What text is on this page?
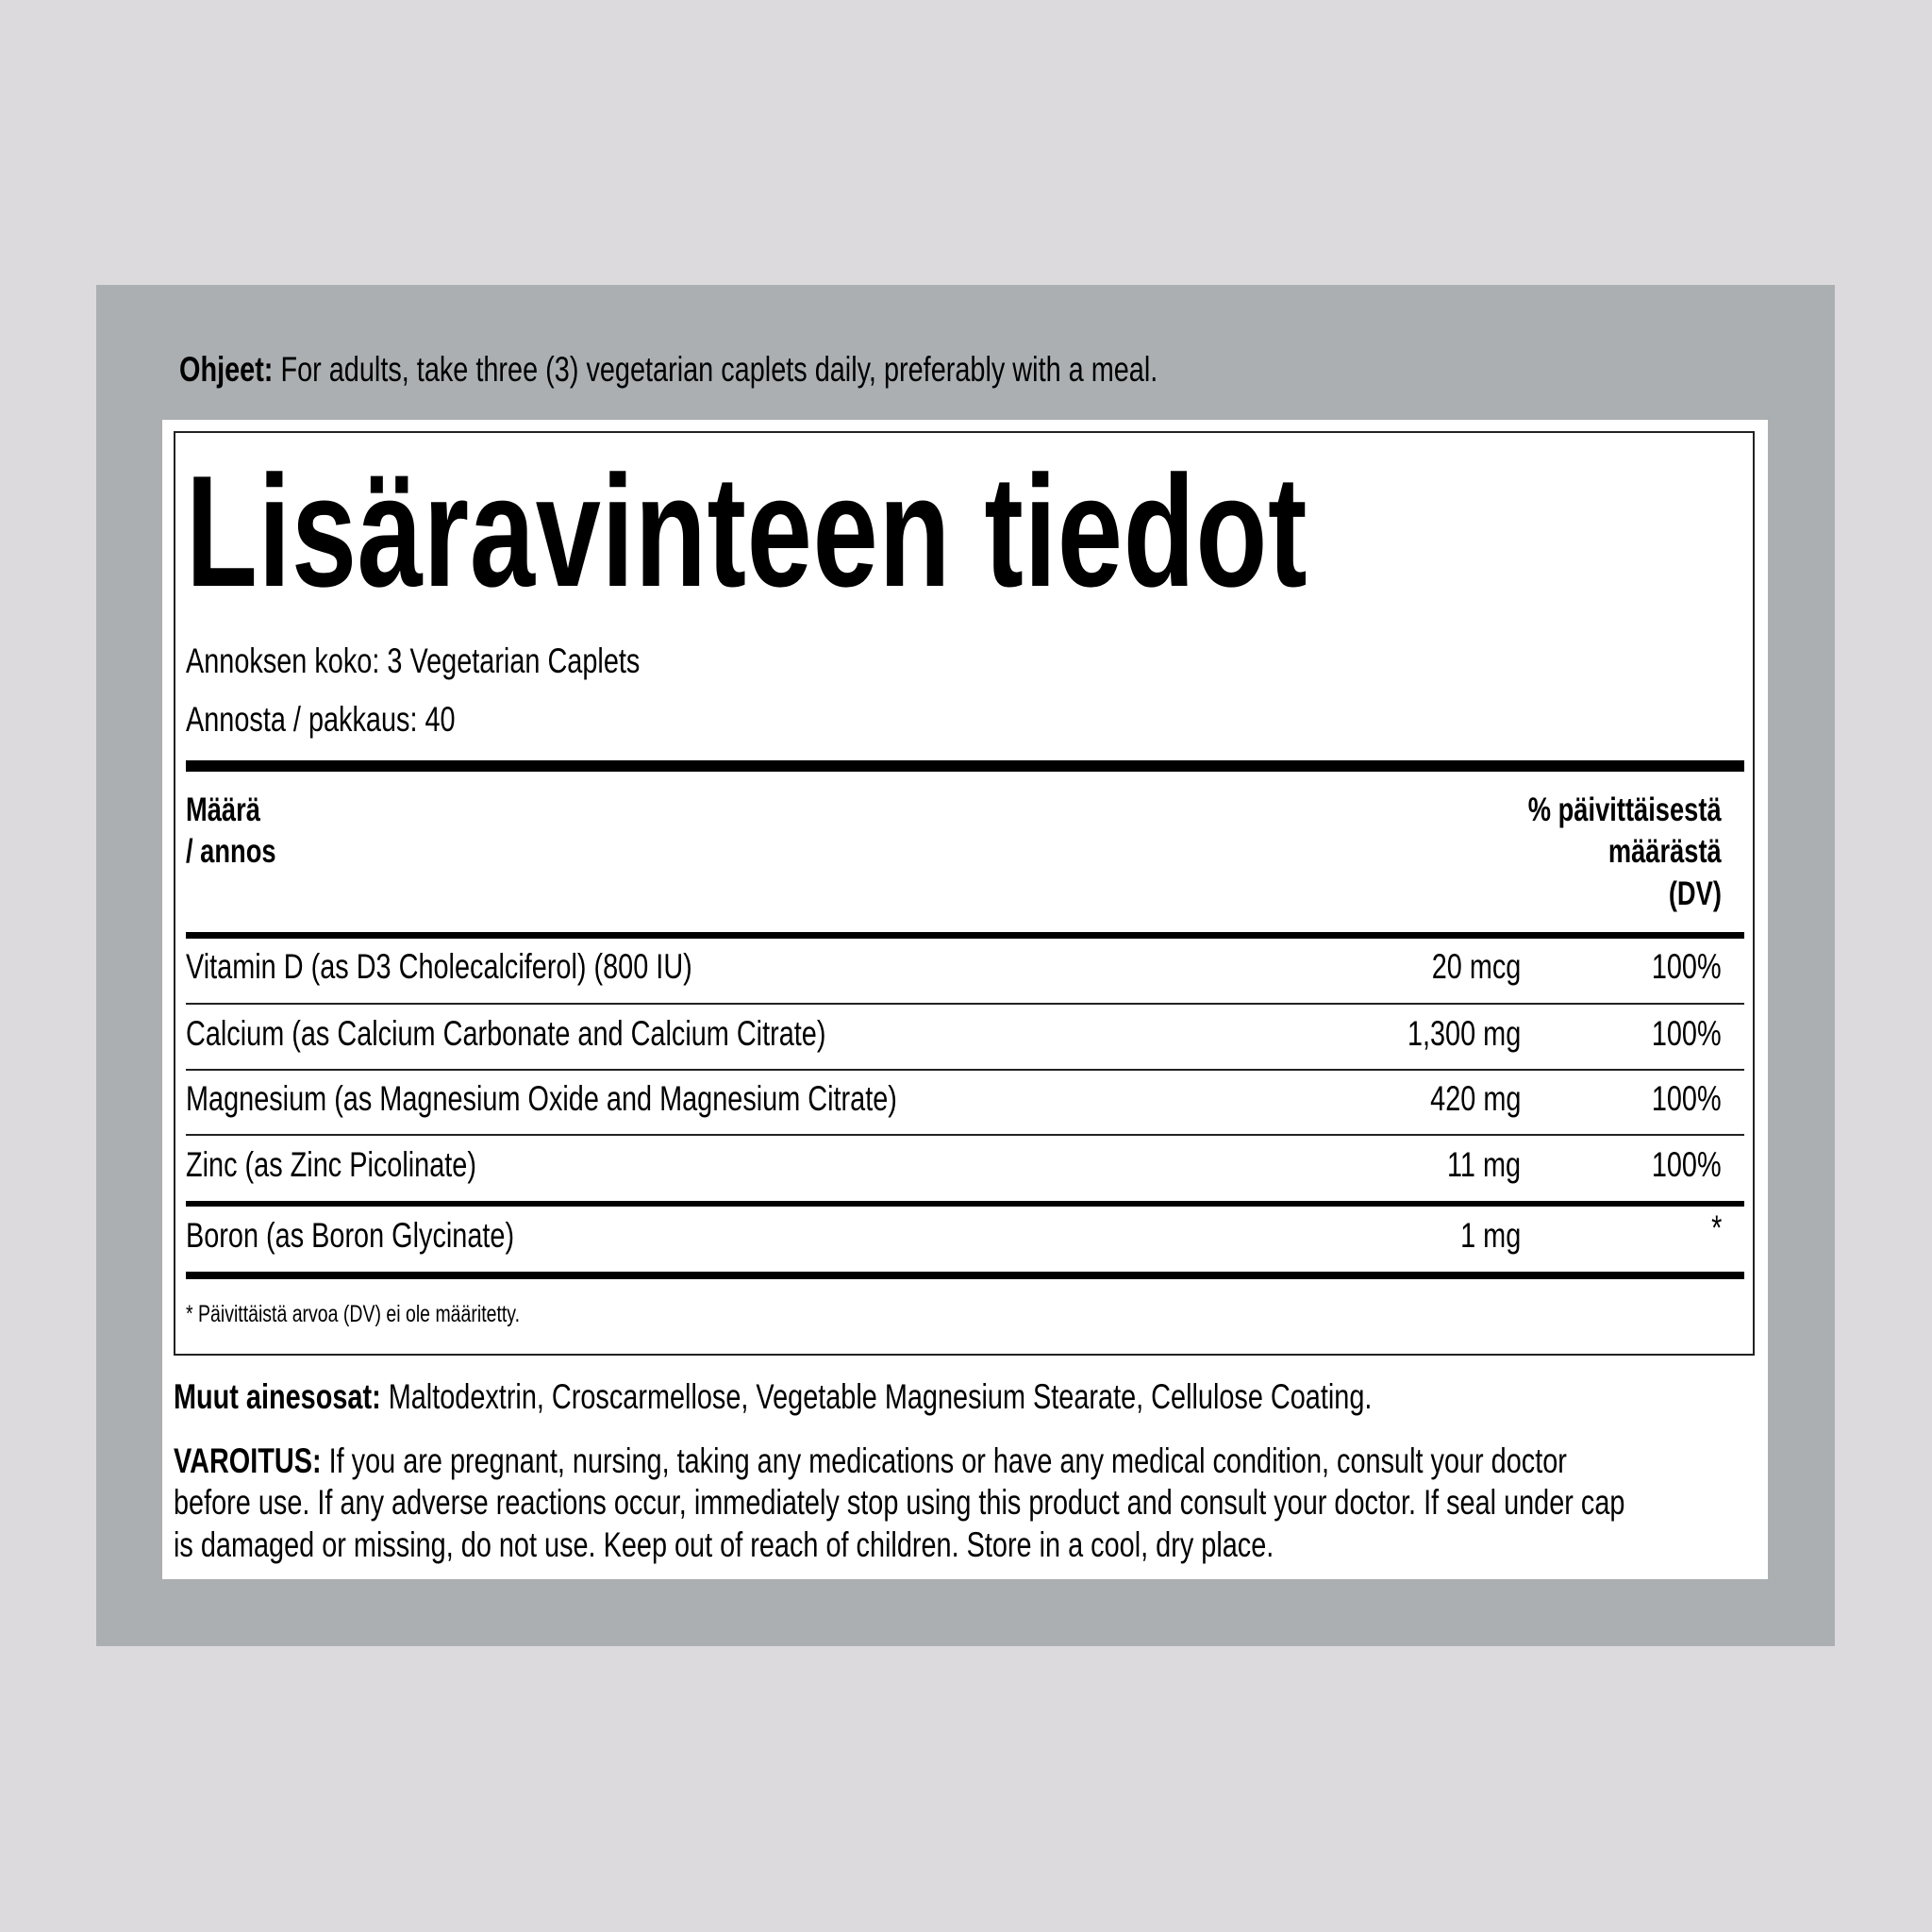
Ohjeet: For adults, take three (3) vegetarian caplets daily, preferably with a meal.
Lisäravinteen tiedot
Annoksen koko: 3 Vegetarian Caplets
Annosta / pakkaus: 40
Määrä
/ annos
% päivittäisestä
määrästä
(DV)
Vitamin D (as D3 Cholecalciferol) (800 IU)	20 mcg	100%
Calcium (as Calcium Carbonate and Calcium Citrate)	1,300 mg	100%
Magnesium (as Magnesium Oxide and Magnesium Citrate)	420 mg	100%
Zinc (as Zinc Picolinate)	11 mg	100%
Boron (as Boron Glycinate)	1 mg	*
* Päivittäistä arvoa (DV) ei ole määritetty.
Muut ainesosat: Maltodextrin, Croscarmellose, Vegetable Magnesium Stearate, Cellulose Coating.
VAROITUS: If you are pregnant, nursing, taking any medications or have any medical condition, consult your doctor
before use. If any adverse reactions occur, immediately stop using this product and consult your doctor. If seal under cap
is damaged or missing, do not use. Keep out of reach of children. Store in a cool, dry place.
